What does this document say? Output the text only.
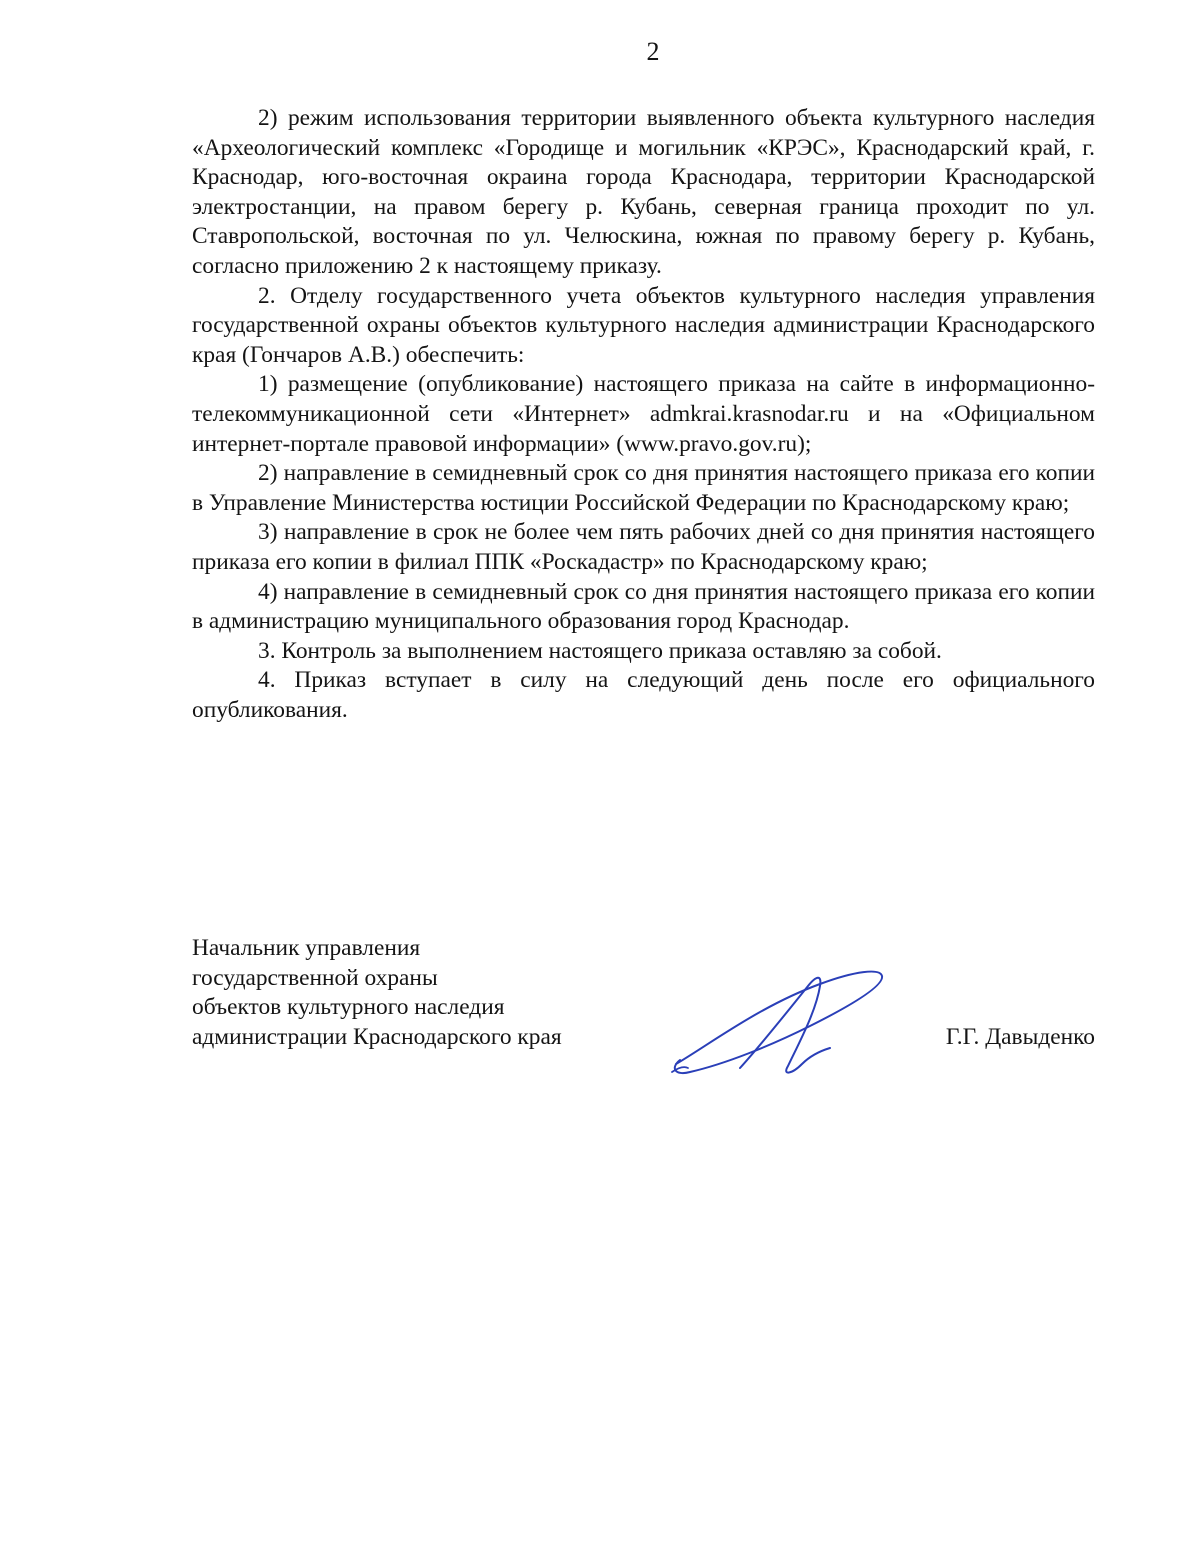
2

2) режим использования территории выявленного объекта культурного наследия «Археологический комплекс «Городище и могильник «КРЭС», Краснодарский край, г. Краснодар, юго-восточная окраина города Краснодара, территории Краснодарской электростанции, на правом берегу р. Кубань, северная граница проходит по ул. Ставропольской, восточная по ул. Челюскина, южная по правому берегу р. Кубань, согласно приложению 2 к настоящему приказу.

2. Отделу государственного учета объектов культурного наследия управления государственной охраны объектов культурного наследия администрации Краснодарского края (Гончаров А.В.) обеспечить:

1) размещение (опубликование) настоящего приказа на сайте в информационно-телекоммуникационной сети «Интернет» admkrai.krasnodar.ru и на «Официальном интернет-портале правовой информации» (www.pravo.gov.ru);

2) направление в семидневный срок со дня принятия настоящего приказа его копии в Управление Министерства юстиции Российской Федерации по Краснодарскому краю;

3) направление в срок не более чем пять рабочих дней со дня принятия настоящего приказа его копии в филиал ППК «Роскадастр» по Краснодарскому краю;

4) направление в семидневный срок со дня принятия настоящего приказа его копии в администрацию муниципального образования город Краснодар.

3. Контроль за выполнением настоящего приказа оставляю за собой.

4. Приказ вступает в силу на следующий день после его официального опубликования.

Начальник управления
государственной охраны
объектов культурного наследия
администрации Краснодарского края	Г.Г. Давыденко
